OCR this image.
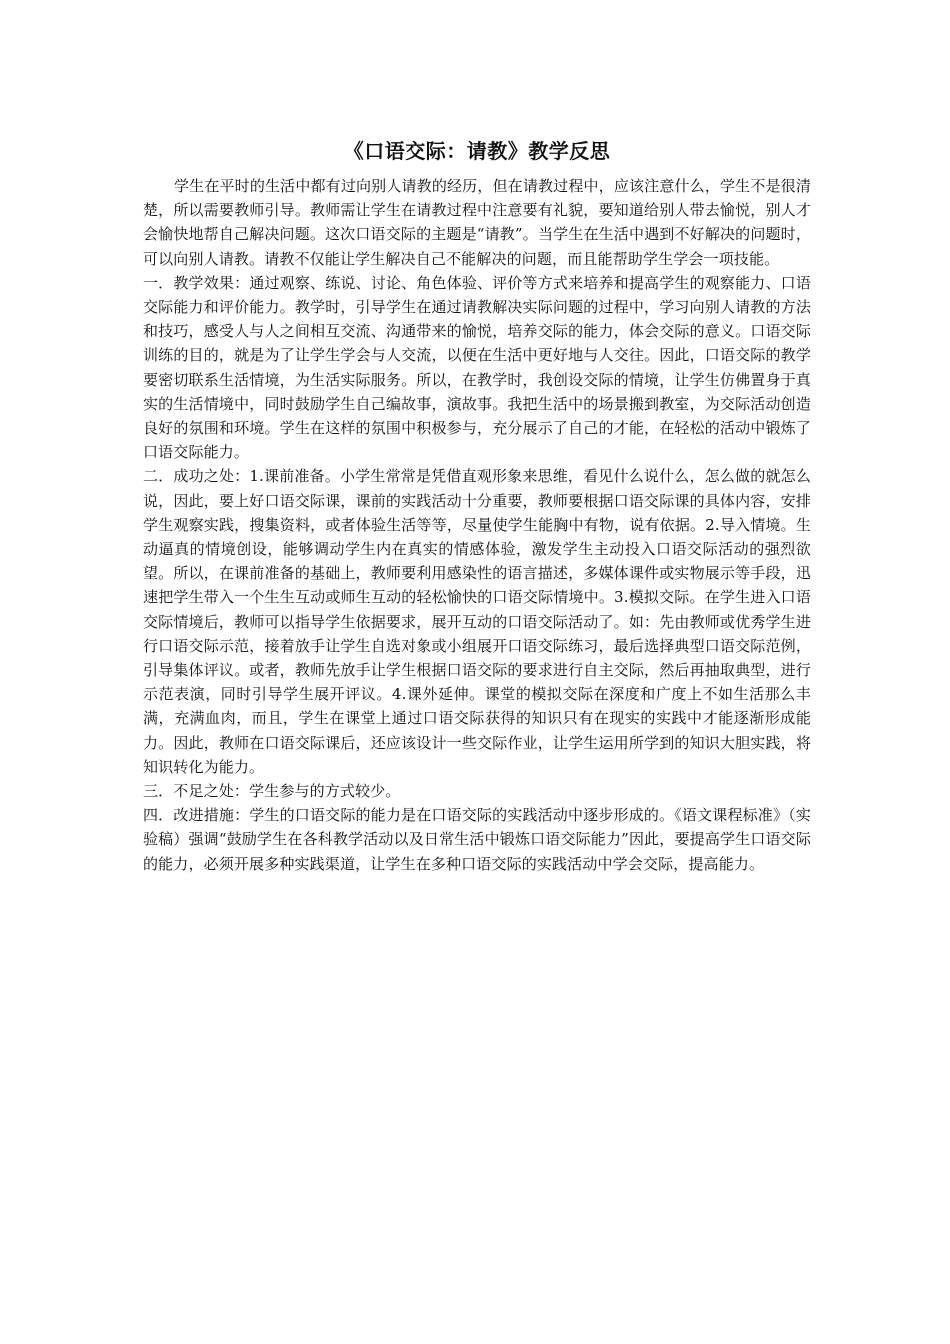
《口语交际：请教》教学反思

学生在平时的生活中都有过向别人请教的经历，但在请教过程中，应该注意什么，学生不是很清楚，所以需要教师引导。教师需让学生在请教过程中注意要有礼貌，要知道给别人带去愉悦，别人才会愉快地帮自己解决问题。这次口语交际的主题是“请教”。当学生在生活中遇到不好解决的问题时，可以向别人请教。请教不仅能让学生解决自己不能解决的问题，而且能帮助学生学会一项技能。

一．教学效果：通过观察、练说、讨论、角色体验、评价等方式来培养和提高学生的观察能力、口语交际能力和评价能力。教学时，引导学生在通过请教解决实际问题的过程中，学习向别人请教的方法和技巧，感受人与人之间相互交流、沟通带来的愉悦，培养交际的能力，体会交际的意义。口语交际训练的目的，就是为了让学生学会与人交流，以便在生活中更好地与人交往。因此，口语交际的教学要密切联系生活情境，为生活实际服务。所以，在教学时，我创设交际的情境，让学生仿佛置身于真实的生活情境中，同时鼓励学生自己编故事，演故事。我把生活中的场景搬到教室，为交际活动创造良好的氛围和环境。学生在这样的氛围中积极参与，充分展示了自己的才能，在轻松的活动中锻炼了口语交际能力。

二．成功之处：1.课前准备。小学生常常是凭借直观形象来思维，看见什么说什么，怎么做的就怎么说，因此，要上好口语交际课，课前的实践活动十分重要，教师要根据口语交际课的具体内容，安排学生观察实践，搜集资料，或者体验生活等等，尽量使学生能胸中有物，说有依据。2.导入情境。生动逼真的情境创设，能够调动学生内在真实的情感体验，激发学生主动投入口语交际活动的强烈欲望。所以，在课前准备的基础上，教师要利用感染性的语言描述，多媒体课件或实物展示等手段，迅速把学生带入一个生生互动或师生互动的轻松愉快的口语交际情境中。3.模拟交际。在学生进入口语交际情境后，教师可以指导学生依据要求，展开互动的口语交际活动了。如：先由教师或优秀学生进行口语交际示范，接着放手让学生自选对象或小组展开口语交际练习，最后选择典型口语交际范例，引导集体评议。或者，教师先放手让学生根据口语交际的要求进行自主交际，然后再抽取典型，进行示范表演，同时引导学生展开评议。4.课外延伸。课堂的模拟交际在深度和广度上不如生活那么丰满，充满血肉，而且，学生在课堂上通过口语交际获得的知识只有在现实的实践中才能逐渐形成能力。因此，教师在口语交际课后，还应该设计一些交际作业，让学生运用所学到的知识大胆实践，将知识转化为能力。

三．不足之处：学生参与的方式较少。

四．改进措施：学生的口语交际的能力是在口语交际的实践活动中逐步形成的。《语文课程标准》（实验稿）强调“鼓励学生在各科教学活动以及日常生活中锻炼口语交际能力”因此，要提高学生口语交际的能力，必须开展多种实践渠道，让学生在多种口语交际的实践活动中学会交际，提高能力。
